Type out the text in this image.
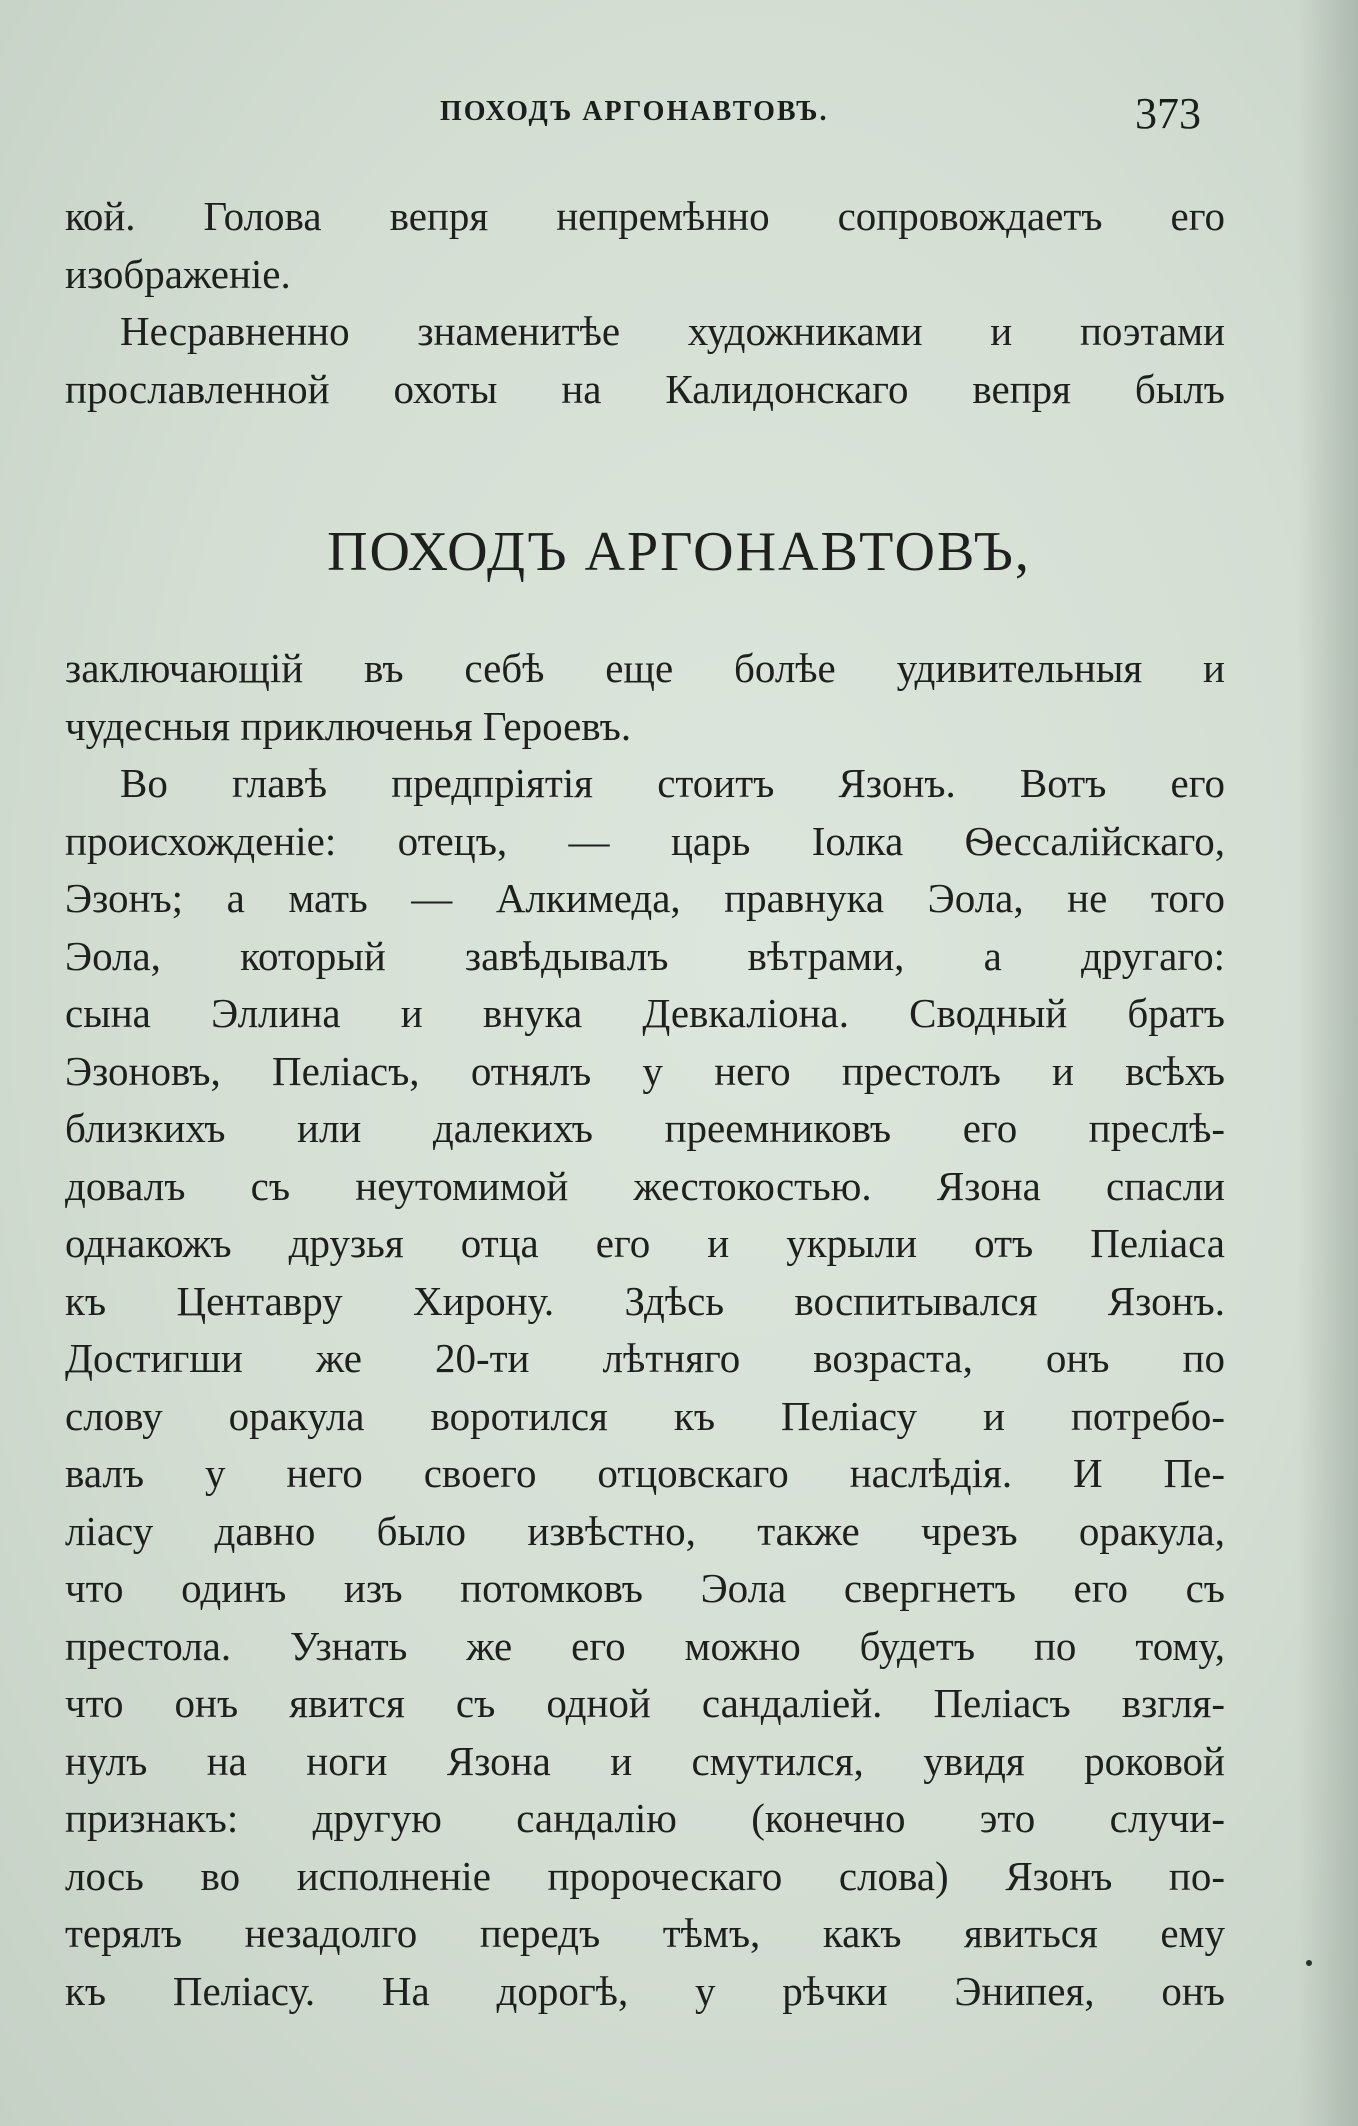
ПОХОДЪ АРГОНАВТОВЪ.	373
кой. Голова вепря непремѣнно сопровождаетъ его
изображеніе.
Несравненно знаменитѣе художниками и поэтами
прославленной охоты на Калидонскаго вепря былъ
ПОХОДЪ АРГОНАВТОВЪ,
заключающій въ себѣ еще болѣе удивительныя и
чудесныя приключенья Героевъ.
Во главѣ предпріятія стоитъ Язонъ. Вотъ его
происхожденіе: отецъ, — царь Іолка Ѳессалійскаго,
Эзонъ; а мать — Алкимеда, правнука Эола, не того
Эола, который завѣдывалъ вѣтрами, а другаго:
сына Эллина и внука Девкаліона. Сводный братъ
Эзоновъ, Пеліасъ, отнялъ у него престолъ и всѣхъ
близкихъ или далекихъ преемниковъ его преслѣ-
довалъ съ неутомимой жестокостью. Язона спасли
однакожъ друзья отца его и укрыли отъ Пеліаса
къ Центавру Хирону. Здѣсь воспитывался Язонъ.
Достигши же 20-ти лѣтняго возраста, онъ по
слову оракула воротился къ Пеліасу и потребо-
валъ у него своего отцовскаго наслѣдія. И Пе-
ліасу давно было извѣстно, также чрезъ оракула,
что одинъ изъ потомковъ Эола свергнетъ его съ
престола. Узнать же его можно будетъ по тому,
что онъ явится съ одной сандаліей. Пеліасъ взгля-
нулъ на ноги Язона и смутился, увидя роковой
признакъ: другую сандалію (конечно это случи-
лось во исполненіе пророческаго слова) Язонъ по-
терялъ незадолго передъ тѣмъ, какъ явиться ему
къ Пеліасу. На дорогѣ, у рѣчки Энипея, онъ
